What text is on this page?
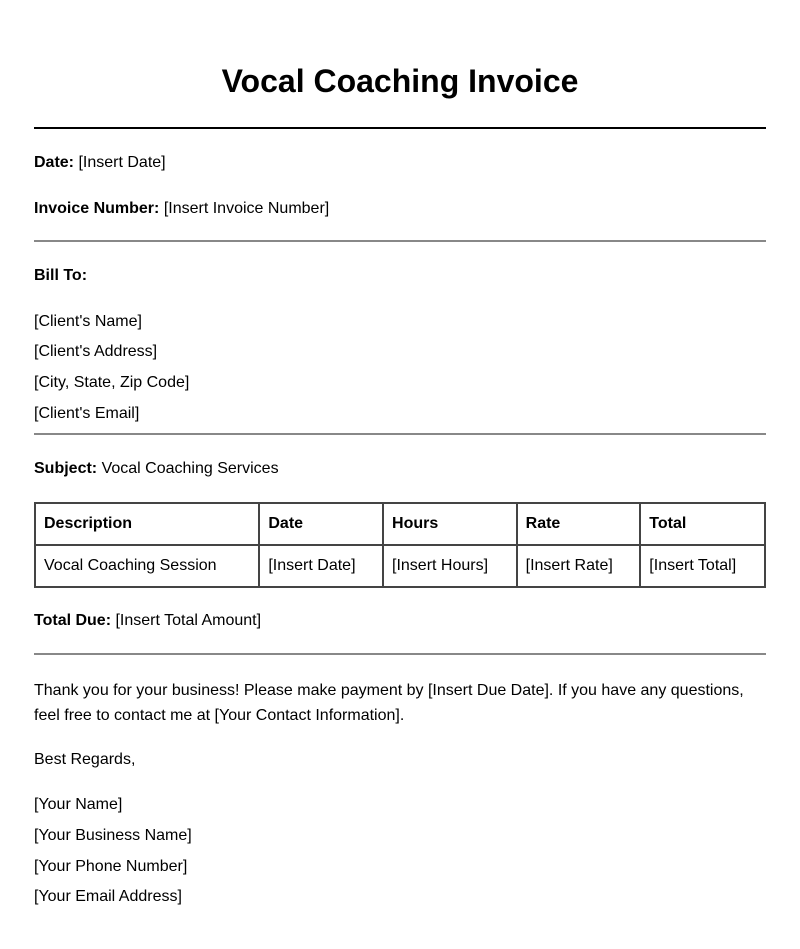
Vocal Coaching Invoice
Date: [Insert Date]
Invoice Number: [Insert Invoice Number]
Bill To:
[Client's Name]
[Client's Address]
[City, State, Zip Code]
[Client's Email]
Subject: Vocal Coaching Services
Description	Date	Hours	Rate	Total
Vocal Coaching Session	[Insert Date]	[Insert Hours]	[Insert Rate]	[Insert Total]
Total Due: [Insert Total Amount]
Thank you for your business! Please make payment by [Insert Due Date]. If you have any questions, feel free to contact me at [Your Contact Information].
Best Regards,
[Your Name]
[Your Business Name]
[Your Phone Number]
[Your Email Address]
